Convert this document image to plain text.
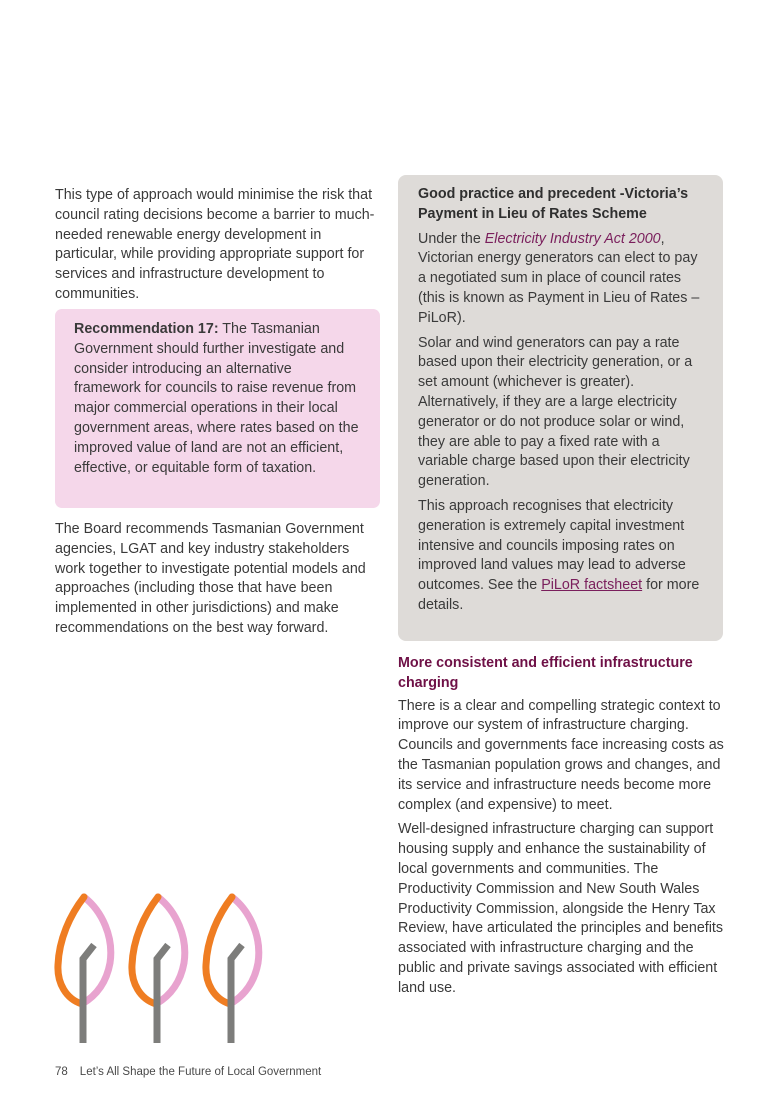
This type of approach would minimise the risk that council rating decisions become a barrier to much-needed renewable energy development in particular, while providing appropriate support for services and infrastructure development to communities.

Recommendation 17: The Tasmanian Government should further investigate and consider introducing an alternative framework for councils to raise revenue from major commercial operations in their local government areas, where rates based on the improved value of land are not an efficient, effective, or equitable form of taxation.

The Board recommends Tasmanian Government agencies, LGAT and key industry stakeholders work together to investigate potential models and approaches (including those that have been implemented in other jurisdictions) and make recommendations on the best way forward.

Good practice and precedent -Victoria’s Payment in Lieu of Rates Scheme

Under the Electricity Industry Act 2000, Victorian energy generators can elect to pay a negotiated sum in place of council rates (this is known as Payment in Lieu of Rates – PiLoR).

Solar and wind generators can pay a rate based upon their electricity generation, or a set amount (whichever is greater). Alternatively, if they are a large electricity generator or do not produce solar or wind, they are able to pay a fixed rate with a variable charge based upon their electricity generation.

This approach recognises that electricity generation is extremely capital investment intensive and councils imposing rates on improved land values may lead to adverse outcomes. See the PiLoR factsheet for more details.

More consistent and efficient infrastructure charging

There is a clear and compelling strategic context to improve our system of infrastructure charging. Councils and governments face increasing costs as the Tasmanian population grows and changes, and its service and infrastructure needs become more complex (and expensive) to meet.

Well-designed infrastructure charging can support housing supply and enhance the sustainability of local governments and communities. The Productivity Commission and New South Wales Productivity Commission, alongside the Henry Tax Review, have articulated the principles and benefits associated with infrastructure charging and the public and private savings associated with efficient land use.

78 Let’s All Shape the Future of Local Government
